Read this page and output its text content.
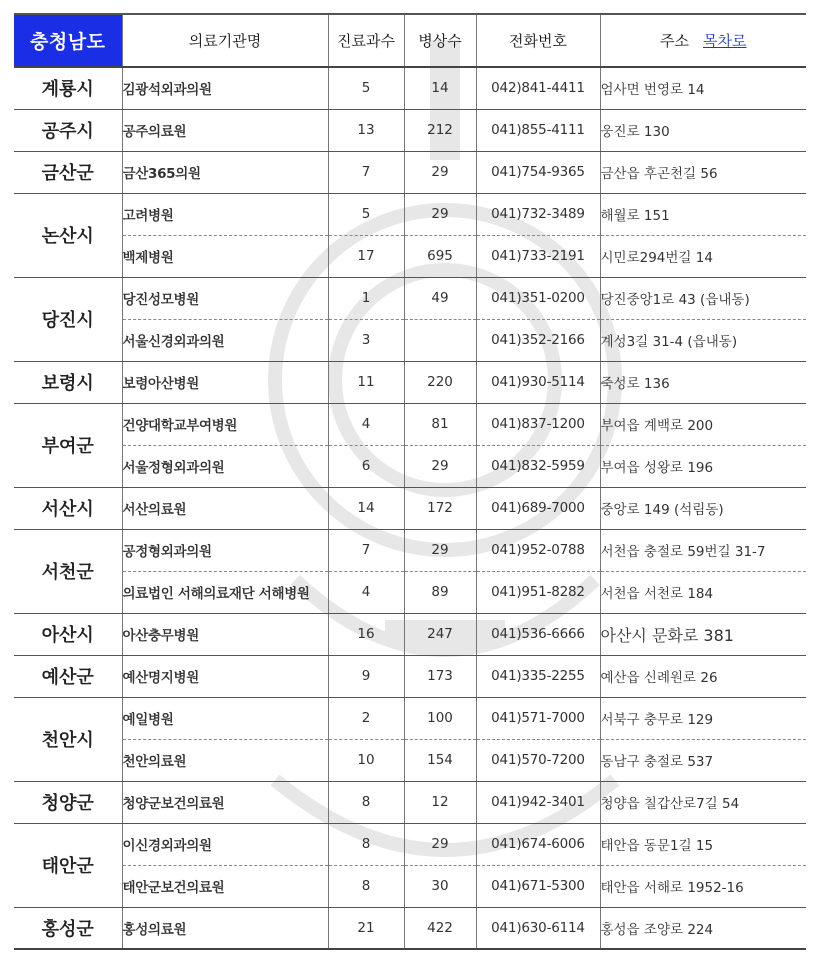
충청남도	의료기관명	진료과수	병상수	전화번호	주소 목차로
계룡시	김광석외과의원	5	14	042)841-4411	엄사면 번영로 14
공주시	공주의료원	13	212	041)855-4111	웅진로 130
금산군	금산365의원	7	29	041)754-9365	금산읍 후곤천길 56
논산시	고려병원	5	29	041)732-3489	해월로 151
	백제병원	17	695	041)733-2191	시민로294번길 14
당진시	당진성모병원	1	49	041)351-0200	당진중앙1로 43 (읍내동)
	서울신경외과의원	3		041)352-2166	계성3길 31-4 (읍내동)
보령시	보령아산병원	11	220	041)930-5114	죽성로 136
부여군	건양대학교부여병원	4	81	041)837-1200	부여읍 계백로 200
	서울정형외과의원	6	29	041)832-5959	부여읍 성왕로 196
서산시	서산의료원	14	172	041)689-7000	중앙로 149 (석림동)
서천군	공정형외과의원	7	29	041)952-0788	서천읍 충절로 59번길 31-7
	의료법인 서해의료재단 서해병원	4	89	041)951-8282	서천읍 서천로 184
아산시	아산충무병원	16	247	041)536-6666	아산시 문화로 381
예산군	예산명지병원	9	173	041)335-2255	예산읍 신례원로 26
천안시	예일병원	2	100	041)571-7000	서북구 충무로 129
	천안의료원	10	154	041)570-7200	동남구 충절로 537
청양군	청양군보건의료원	8	12	041)942-3401	청양읍 칠갑산로7길 54
태안군	이신경외과의원	8	29	041)674-6006	태안읍 동문1길 15
	태안군보건의료원	8	30	041)671-5300	태안읍 서해로 1952-16
홍성군	홍성의료원	21	422	041)630-6114	홍성읍 조양로 224
